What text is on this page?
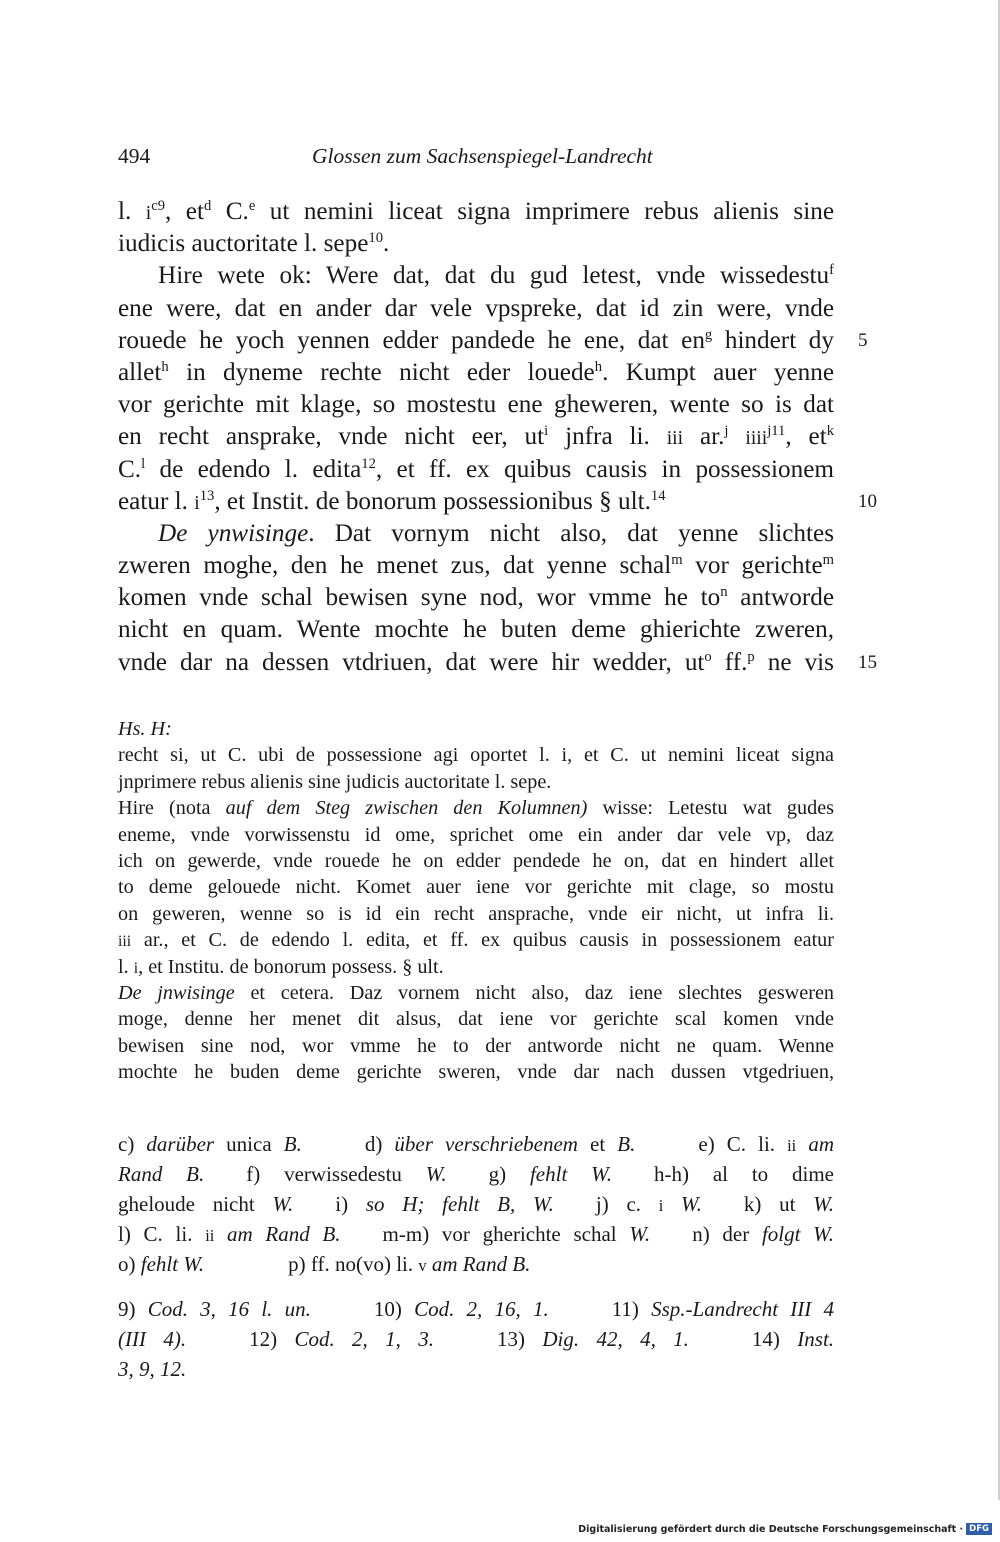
494	Glossen zum Sachsenspiegel-Landrecht
l. $i^{c9}$, $et^d$ C.$^e$ ut nemini liceat signa imprimere rebus alienis sine
iudicis auctoritate l. sepe$^{10}$.
Hire wete ok: Were dat, dat du gud letest, vnde wissedestu$^f$
ene were, dat en ander dar vele vpspreke, dat id zin were, vnde
rouede he yoch yennen edder pandede he ene, dat $en^g$ hindert dy 5
allet$^h$ in dyneme rechte nicht eder louede$^h$. Kumpt auer yenne
vor gerichte mit klage, so mostestu ene gheweren, wente so is dat
en recht ansprake, vnde nicht eer, $ut^i$ jnfra li. iii ar.$^j$ iiii$^{j11}$, $et^k$
C.$^l$ de edendo l. edita$^{12}$, et ff. ex quibus causis in possessionem
eatur l. $i^{13}$, et Instit. de bonorum possessionibus § ult.$^{14}$	10
De ynwisinge. Dat vornym nicht also, dat yenne slichtes
zweren moghe, den he menet zus, dat yenne schal$^m$ vor gerichte$^m$
komen vnde schal bewisen syne nod, wor vmme he $to^n$ antworde
nicht en quam. Wente mochte he buten deme ghierichte zweren,
vnde dar na dessen vtdriuen, dat were hir wedder, $ut^o$ ff.$^p$ ne vis 15
Hs. H:
recht si, ut C. ubi de possessione agi oportet l. i, et C. ut nemini liceat signa
jnprimere rebus alienis sine judicis auctoritate l. sepe.
Hire (nota auf dem Steg zwischen den Kolumnen) wisse: Letestu wat gudes
eneme, vnde vorwissenstu id ome, sprichet ome ein ander dar vele vp, daz
ich on gewerde, vnde rouede he on edder pendede he on, dat en hindert allet
to deme gelouede nicht. Komet auer iene vor gerichte mit clage, so mostu
on geweren, wenne so is id ein recht ansprache, vnde eir nicht, ut infra li.
iii ar., et C. de edendo l. edita, et ff. ex quibus causis in possessionem eatur
l. i, et Institu. de bonorum possess. § ult.
De jnwisinge et cetera. Daz vornem nicht also, daz iene slechtes gesweren
moge, denne her menet dit alsus, dat iene vor gerichte scal komen vnde
bewisen sine nod, wor vmme he to der antworde nicht ne quam. Wenne
mochte he buden deme gerichte sweren, vnde dar nach dussen vtgedriuen,
c) darüber unica B.   	d) über verschriebenem et B.   	e) C. li. ii am
Rand B.   f) verwissedestu W.   g) fehlt W.   h-h) al to dime
gheloude nicht W.   i) so H; fehlt B, W.   j) c. i W.   k) ut W.
l) C. li. ii am Rand B.   m-m) vor gherichte schal W.   n) der folgt W.
o) fehlt W.    	p) ff. no(vo) li. v am Rand B.
9) Cod. 3, 16 l. un.   	10) Cod. 2, 16, 1.   	11) Ssp.-Landrecht III 4
(III 4).   	12) Cod. 2, 1, 3.   	13) Dig. 42, 4, 1.   	14) Inst.
3, 9, 12.
Digitalisierung gefördert durch die Deutsche Forschungsgemeinschaft · DFG
